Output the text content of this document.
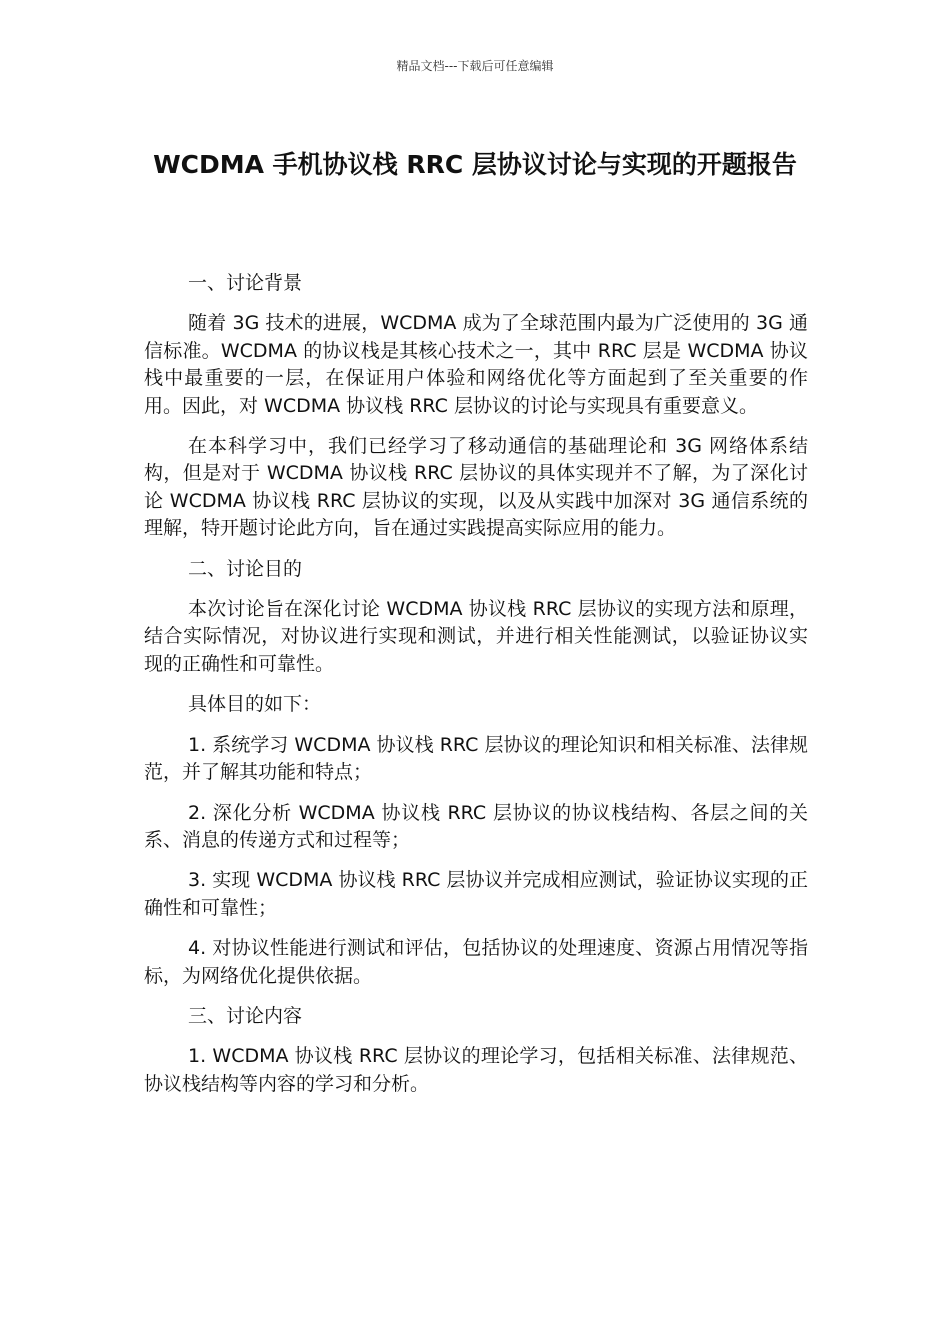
精品文档---下载后可任意编辑
WCDMA 手机协议栈 RRC 层协议讨论与实现的开题报告

一、讨论背景

随着 3G 技术的进展，WCDMA 成为了全球范围内最为广泛使用的 3G 通信标准。WCDMA 的协议栈是其核心技术之一，其中 RRC 层是 WCDMA 协议栈中最重要的一层，在保证用户体验和网络优化等方面起到了至关重要的作用。因此，对 WCDMA 协议栈 RRC 层协议的讨论与实现具有重要意义。

在本科学习中，我们已经学习了移动通信的基础理论和 3G 网络体系结构，但是对于 WCDMA 协议栈 RRC 层协议的具体实现并不了解，为了深化讨论 WCDMA 协议栈 RRC 层协议的实现，以及从实践中加深对 3G 通信系统的理解，特开题讨论此方向，旨在通过实践提高实际应用的能力。

二、讨论目的

本次讨论旨在深化讨论 WCDMA 协议栈 RRC 层协议的实现方法和原理，结合实际情况，对协议进行实现和测试，并进行相关性能测试，以验证协议实现的正确性和可靠性。

具体目的如下：

1. 系统学习 WCDMA 协议栈 RRC 层协议的理论知识和相关标准、法律规范，并了解其功能和特点；

2. 深化分析 WCDMA 协议栈 RRC 层协议的协议栈结构、各层之间的关系、消息的传递方式和过程等；

3. 实现 WCDMA 协议栈 RRC 层协议并完成相应测试，验证协议实现的正确性和可靠性；

4. 对协议性能进行测试和评估，包括协议的处理速度、资源占用情况等指标，为网络优化提供依据。

三、讨论内容

1. WCDMA 协议栈 RRC 层协议的理论学习，包括相关标准、法律规范、协议栈结构等内容的学习和分析。
